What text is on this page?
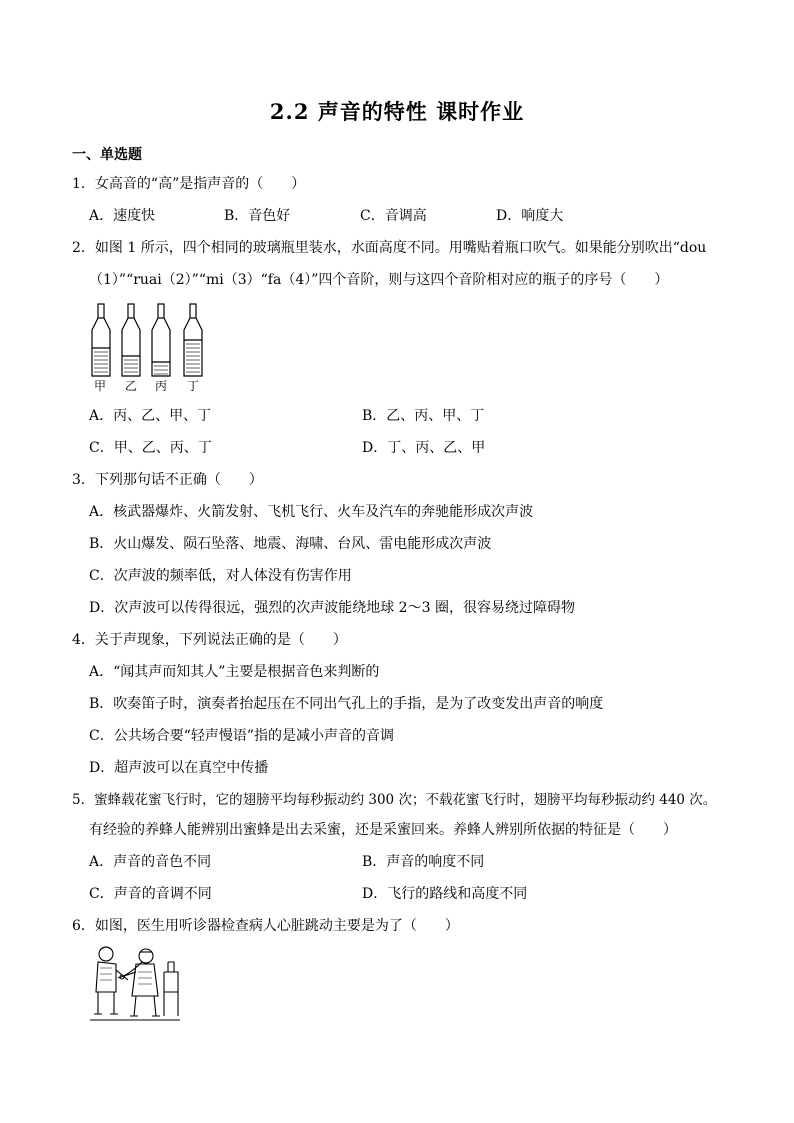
2.2 声音的特性 课时作业
一、单选题
1．女高音的“高”是指声音的（　　）
A．速度快	B．音色好	C．音调高	D．响度大
2．如图 1 所示，四个相同的玻璃瓶里装水，水面高度不同。用嘴贴着瓶口吹气。如果能分别吹出“dou
（1）”“ruai（2）”“mi（3）“fa（4）”四个音阶，则与这四个音阶相对应的瓶子的序号（　　）
甲 乙 丙 丁
A．丙、乙、甲、丁	B．乙、丙、甲、丁
C．甲、乙、丙、丁	D．丁、丙、乙、甲
3．下列那句话不正确（　　）
A．核武器爆炸、火箭发射、飞机飞行、火车及汽车的奔驰能形成次声波
B．火山爆发、陨石坠落、地震、海啸、台风、雷电能形成次声波
C．次声波的频率低，对人体没有伤害作用
D．次声波可以传得很远，强烈的次声波能绕地球 2～3 圈，很容易绕过障碍物
4．关于声现象，下列说法正确的是（　　）
A．“闻其声而知其人”主要是根据音色来判断的
B．吹奏笛子时，演奏者抬起压在不同出气孔上的手指，是为了改变发出声音的响度
C．公共场合要“轻声慢语”指的是减小声音的音调
D．超声波可以在真空中传播
5．蜜蜂载花蜜飞行时，它的翅膀平均每秒振动约 300 次；不载花蜜飞行时，翅膀平均每秒振动约 440 次。
有经验的养蜂人能辨别出蜜蜂是出去采蜜，还是采蜜回来。养蜂人辨别所依据的特征是（　　）
A．声音的音色不同	B．声音的响度不同
C．声音的音调不同	D．飞行的路线和高度不同
6．如图，医生用听诊器检查病人心脏跳动主要是为了（　　）
